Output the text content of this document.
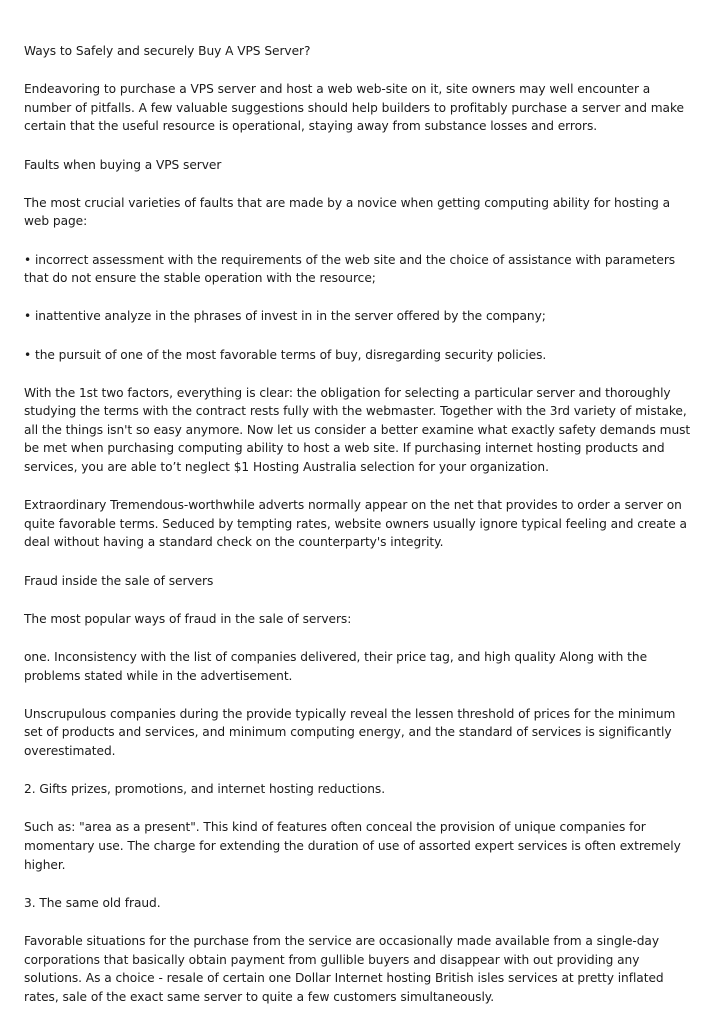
Ways to Safely and securely Buy A VPS Server?

Endeavoring to purchase a VPS server and host a web web-site on it, site owners may well encounter a number of pitfalls. A few valuable suggestions should help builders to profitably purchase a server and make certain that the useful resource is operational, staying away from substance losses and errors.

Faults when buying a VPS server

The most crucial varieties of faults that are made by a novice when getting computing ability for hosting a web page:

• incorrect assessment with the requirements of the web site and the choice of assistance with parameters that do not ensure the stable operation with the resource;

• inattentive analyze in the phrases of invest in in the server offered by the company;

• the pursuit of one of the most favorable terms of buy, disregarding security policies.

With the 1st two factors, everything is clear: the obligation for selecting a particular server and thoroughly studying the terms with the contract rests fully with the webmaster. Together with the 3rd variety of mistake, all the things isn't so easy anymore. Now let us consider a better examine what exactly safety demands must be met when purchasing computing ability to host a web site. If purchasing internet hosting products and services, you are able to’t neglect $1 Hosting Australia selection for your organization.

Extraordinary Tremendous-worthwhile adverts normally appear on the net that provides to order a server on quite favorable terms. Seduced by tempting rates, website owners usually ignore typical feeling and create a deal without having a standard check on the counterparty's integrity.

Fraud inside the sale of servers

The most popular ways of fraud in the sale of servers:

one. Inconsistency with the list of companies delivered, their price tag, and high quality Along with the problems stated while in the advertisement.

Unscrupulous companies during the provide typically reveal the lessen threshold of prices for the minimum set of products and services, and minimum computing energy, and the standard of services is significantly overestimated.

2. Gifts prizes, promotions, and internet hosting reductions.

Such as: "area as a present". This kind of features often conceal the provision of unique companies for momentary use. The charge for extending the duration of use of assorted expert services is often extremely higher.

3. The same old fraud.

Favorable situations for the purchase from the service are occasionally made available from a single-day corporations that basically obtain payment from gullible buyers and disappear with out providing any solutions. As a choice - resale of certain one Dollar Internet hosting British isles services at pretty inflated rates, sale of the exact same server to quite a few customers simultaneously.
